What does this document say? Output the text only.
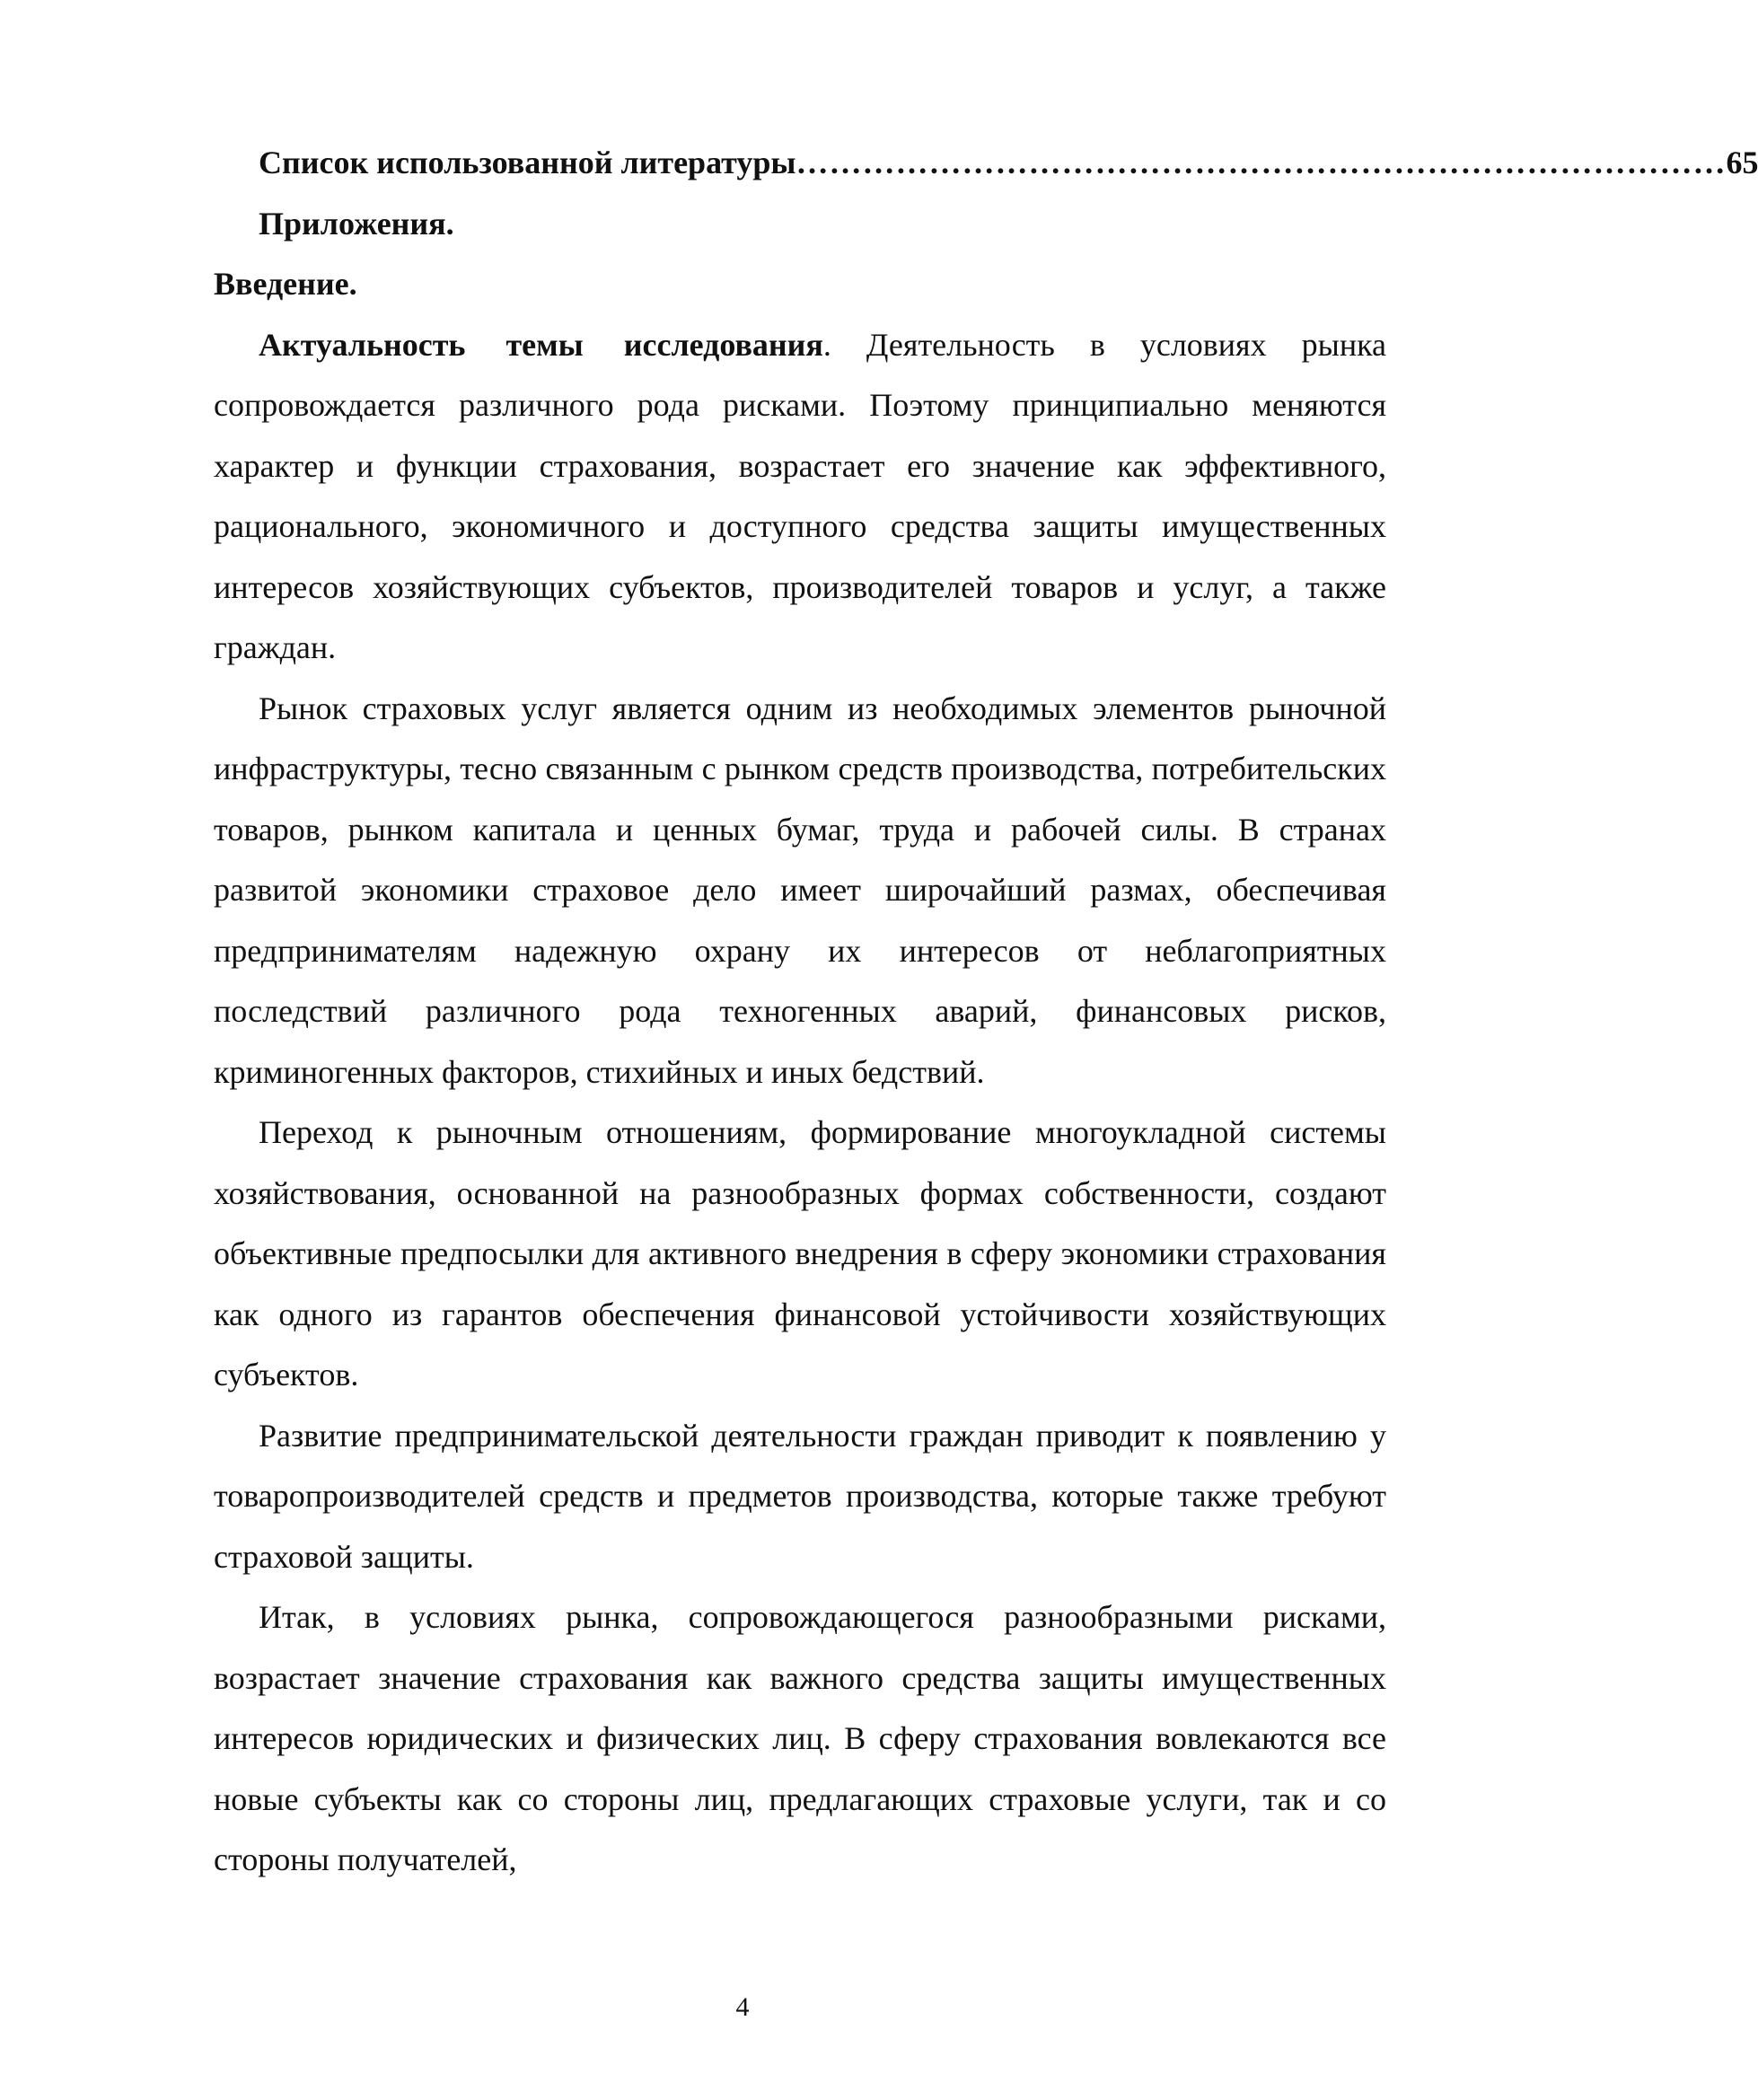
Список использованной литературы ………………………………………………………………………… 65
Приложения.
Введение.

Актуальность темы исследования. Деятельность в условиях рынка сопровождается различного рода рисками. Поэтому принципиально меняются характер и функции страхования, возрастает его значение как эффективного, рационального, экономичного и доступного средства защиты имущественных интересов хозяйствующих субъектов, производителей товаров и услуг, а также граждан.

Рынок страховых услуг является одним из необходимых элементов рыночной инфраструктуры, тесно связанным с рынком средств производства, потребительских товаров, рынком капитала и ценных бумаг, труда и рабочей силы. В странах развитой экономики страховое дело имеет широчайший размах, обеспечивая предпринимателям надежную охрану их интересов от неблагоприятных последствий различного рода техногенных аварий, финансовых рисков, криминогенных факторов, стихийных и иных бедствий.

Переход к рыночным отношениям, формирование многоукладной системы хозяйствования, основанной на разнообразных формах собственности, создают объективные предпосылки для активного внедрения в сферу экономики страхования как одного из гарантов обеспечения финансовой устойчивости хозяйствующих субъектов.

Развитие предпринимательской деятельности граждан приводит к появлению у товаропроизводителей средств и предметов производства, которые также требуют страховой защиты.

Итак, в условиях рынка, сопровождающегося разнообразными рисками, возрастает значение страхования как важного средства защиты имущественных интересов юридических и физических лиц. В сферу страхования вовлекаются все новые субъекты как со стороны лиц, предлагающих страховые услуги, так и со стороны получателей,

4
